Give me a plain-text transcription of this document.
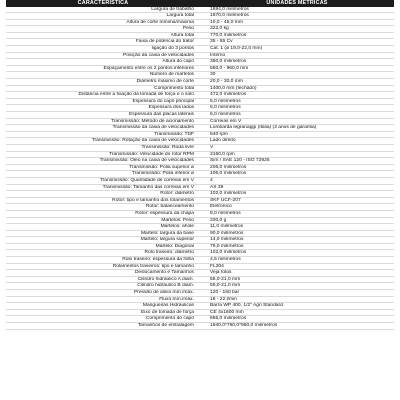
CARACTERÍSTICA	UNIDADES MÉTRICAS
Largura de trabalho	1694,0 milímetros
Largura total	1870,0 milímetros
Altura de corte mínima/máxima	10,0 - 45,0 mm
Peso	322,0 kg
Altura total	770,0 milímetros
Faixa de potência do trator	35 - 55 Cv
ligação do 3 pontos	Cat. 1 (ø 19,0-22,0 mm)
Posição da caixa de velocidades	Interno
Altura do capô	350,0 milímetros
Espaçamento entre os 2 pontos inferiores	650,0 - 960,0 mm
Número de martelos	30
Diâmetro máximo de corte	20,0 - 30,0 mm
Comprimento total	1400,0 mm (fechado)
Distância entre a fixação da tomada de força e o solo	472,0 milímetros
Espessura do capô principal	5,0 milímetros
Espessura dos lados	6,0 milímetros
Espessura das placas laterais	6,0 milímetros
Transmissão: Método de acionamento	Correias em V
Transmissão da caixa de velocidades	Lombarda legranaggi (Itália) (3 anos de garantia)
Transmissão: TDF	540 rpm
Transmissão: Rotação da caixa de velocidades	Lado direito
Transmissão: Roda livre	V
Transmissão: Velocidade do rotor RPM	3150,0 rpm
Transmissão: Óleo na caixa de velocidades	Sim / SAE 120 - ISO 72925
Transmissão: Polia superior ø	206,0 milímetros
Transmissão: Polia inferior ø	106,0 milímetros
Transmissão: Quantidade de correias em V	4
Transmissão: Tamanho das correias em V	AX 39
Rotor: diâmetro	102,0 milímetros
Rotor: tipo e tamanho dos rolamentos	SKF UCF-207
Rotor: balanceamento	Eletrônico
Rotor: espessura da chapa	8,0 milímetros
Martelos: Peso	330,0 g
Martelos: ahole	11,0 milímetros
Martelo: largura da base	90,0 milímetros
Martelo: largura superior	14,0 milímetros
Martelo: Diagonal	75,0 milímetros
Rolo traseiro: diâmetro	102,0 milímetros
Rolo traseiro: espessura da folha	4,5 milímetros
Rolamentos traseiros: tipo e tamanho	FL204
Deslocamento e Tamanhos	Veja fotos
Cilindro hidráulico A diam.	55,0-21,0 mm
Cilindro hidráulico B diam.	55,0-21,0 mm
Pressão de alivio mín./máx.	120 - 150 bar
Fluxo mín./máx.	18 - 22 l/min
Mangueiras Hidráulicas	Barra WP 400, 1/2" Agri Standard
Eixo de tomada de força	CE 4x1600 mm
Comprimento do capô	665,0 milímetros
Tamanhos de embalagem	1840,0*760,0*960,0 milímetros
